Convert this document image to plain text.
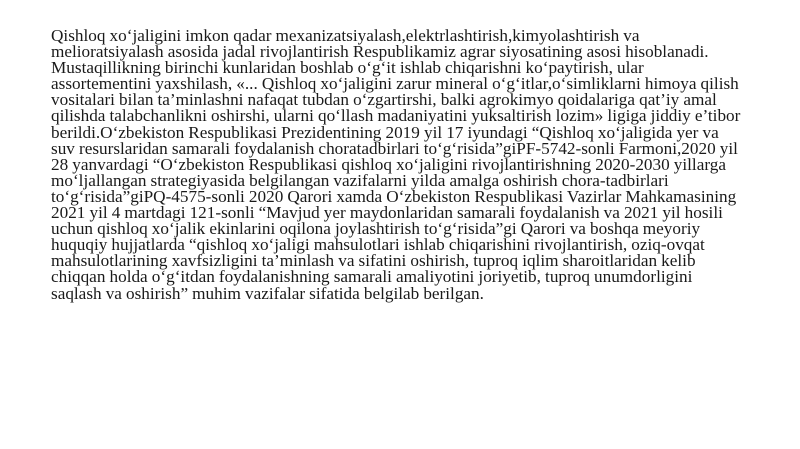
Qishloq xo‘jaligini imkon qadar mexanizatsiyalash,elektrlashtirish,kimyolashtirish va melioratsiyalash asosida jadal rivojlantirish Respublikamiz agrar siyosatining asosi hisoblanadi. Mustaqillikning birinchi kunlaridan boshlab o‘g‘it ishlab chiqarishni ko‘paytirish, ular assortementini yaxshilash, «... Qishloq xo‘jaligini zarur mineral o‘g‘itlar,o‘simliklarni himoya qilish vositalari bilan ta’minlashni nafaqat tubdan o‘zgartirshi, balki agrokimyo qoidalariga qat’iy amal qilishda talabchanlikni oshirshi, ularni qo‘llash madaniyatini yuksaltirish lozim» ligiga jiddiy e’tibor berildi.O‘zbekiston Respublikasi Prezidentining 2019 yil 17 iyundagi “Qishloq xo‘jaligida yer va suv resurslaridan samarali foydalanish choratadbirlari to‘g‘risida”giPF-5742-sonli Farmoni,2020 yil 28 yanvardagi “O‘zbekiston Respublikasi qishloq xo‘jaligini rivojlantirishning 2020-2030 yillarga mo‘ljallangan strategiyasida belgilangan vazifalarni yilda amalga oshirish chora-tadbirlari to‘g‘risida”giPQ-4575-sonli 2020 Qarori xamda O‘zbekiston Respublikasi Vazirlar Mahkamasining 2021 yil 4 martdagi 121-sonli “Mavjud yer maydonlaridan samarali foydalanish va 2021 yil hosili uchun qishloq xo‘jalik ekinlarini oqilona joylashtirish to‘g‘risida”gi Qarori va boshqa meyoriy huquqiy hujjatlarda “qishloq xo‘jaligi mahsulotlari ishlab chiqarishini rivojlantirish, oziq-ovqat mahsulotlarining xavfsizligini ta’minlash va sifatini oshirish, tuproq iqlim sharoitlaridan kelib chiqqan holda o‘g‘itdan foydalanishning samarali amaliyotini joriyetib, tuproq unumdorligini saqlash va oshirish” muhim vazifalar sifatida belgilab berilgan.
